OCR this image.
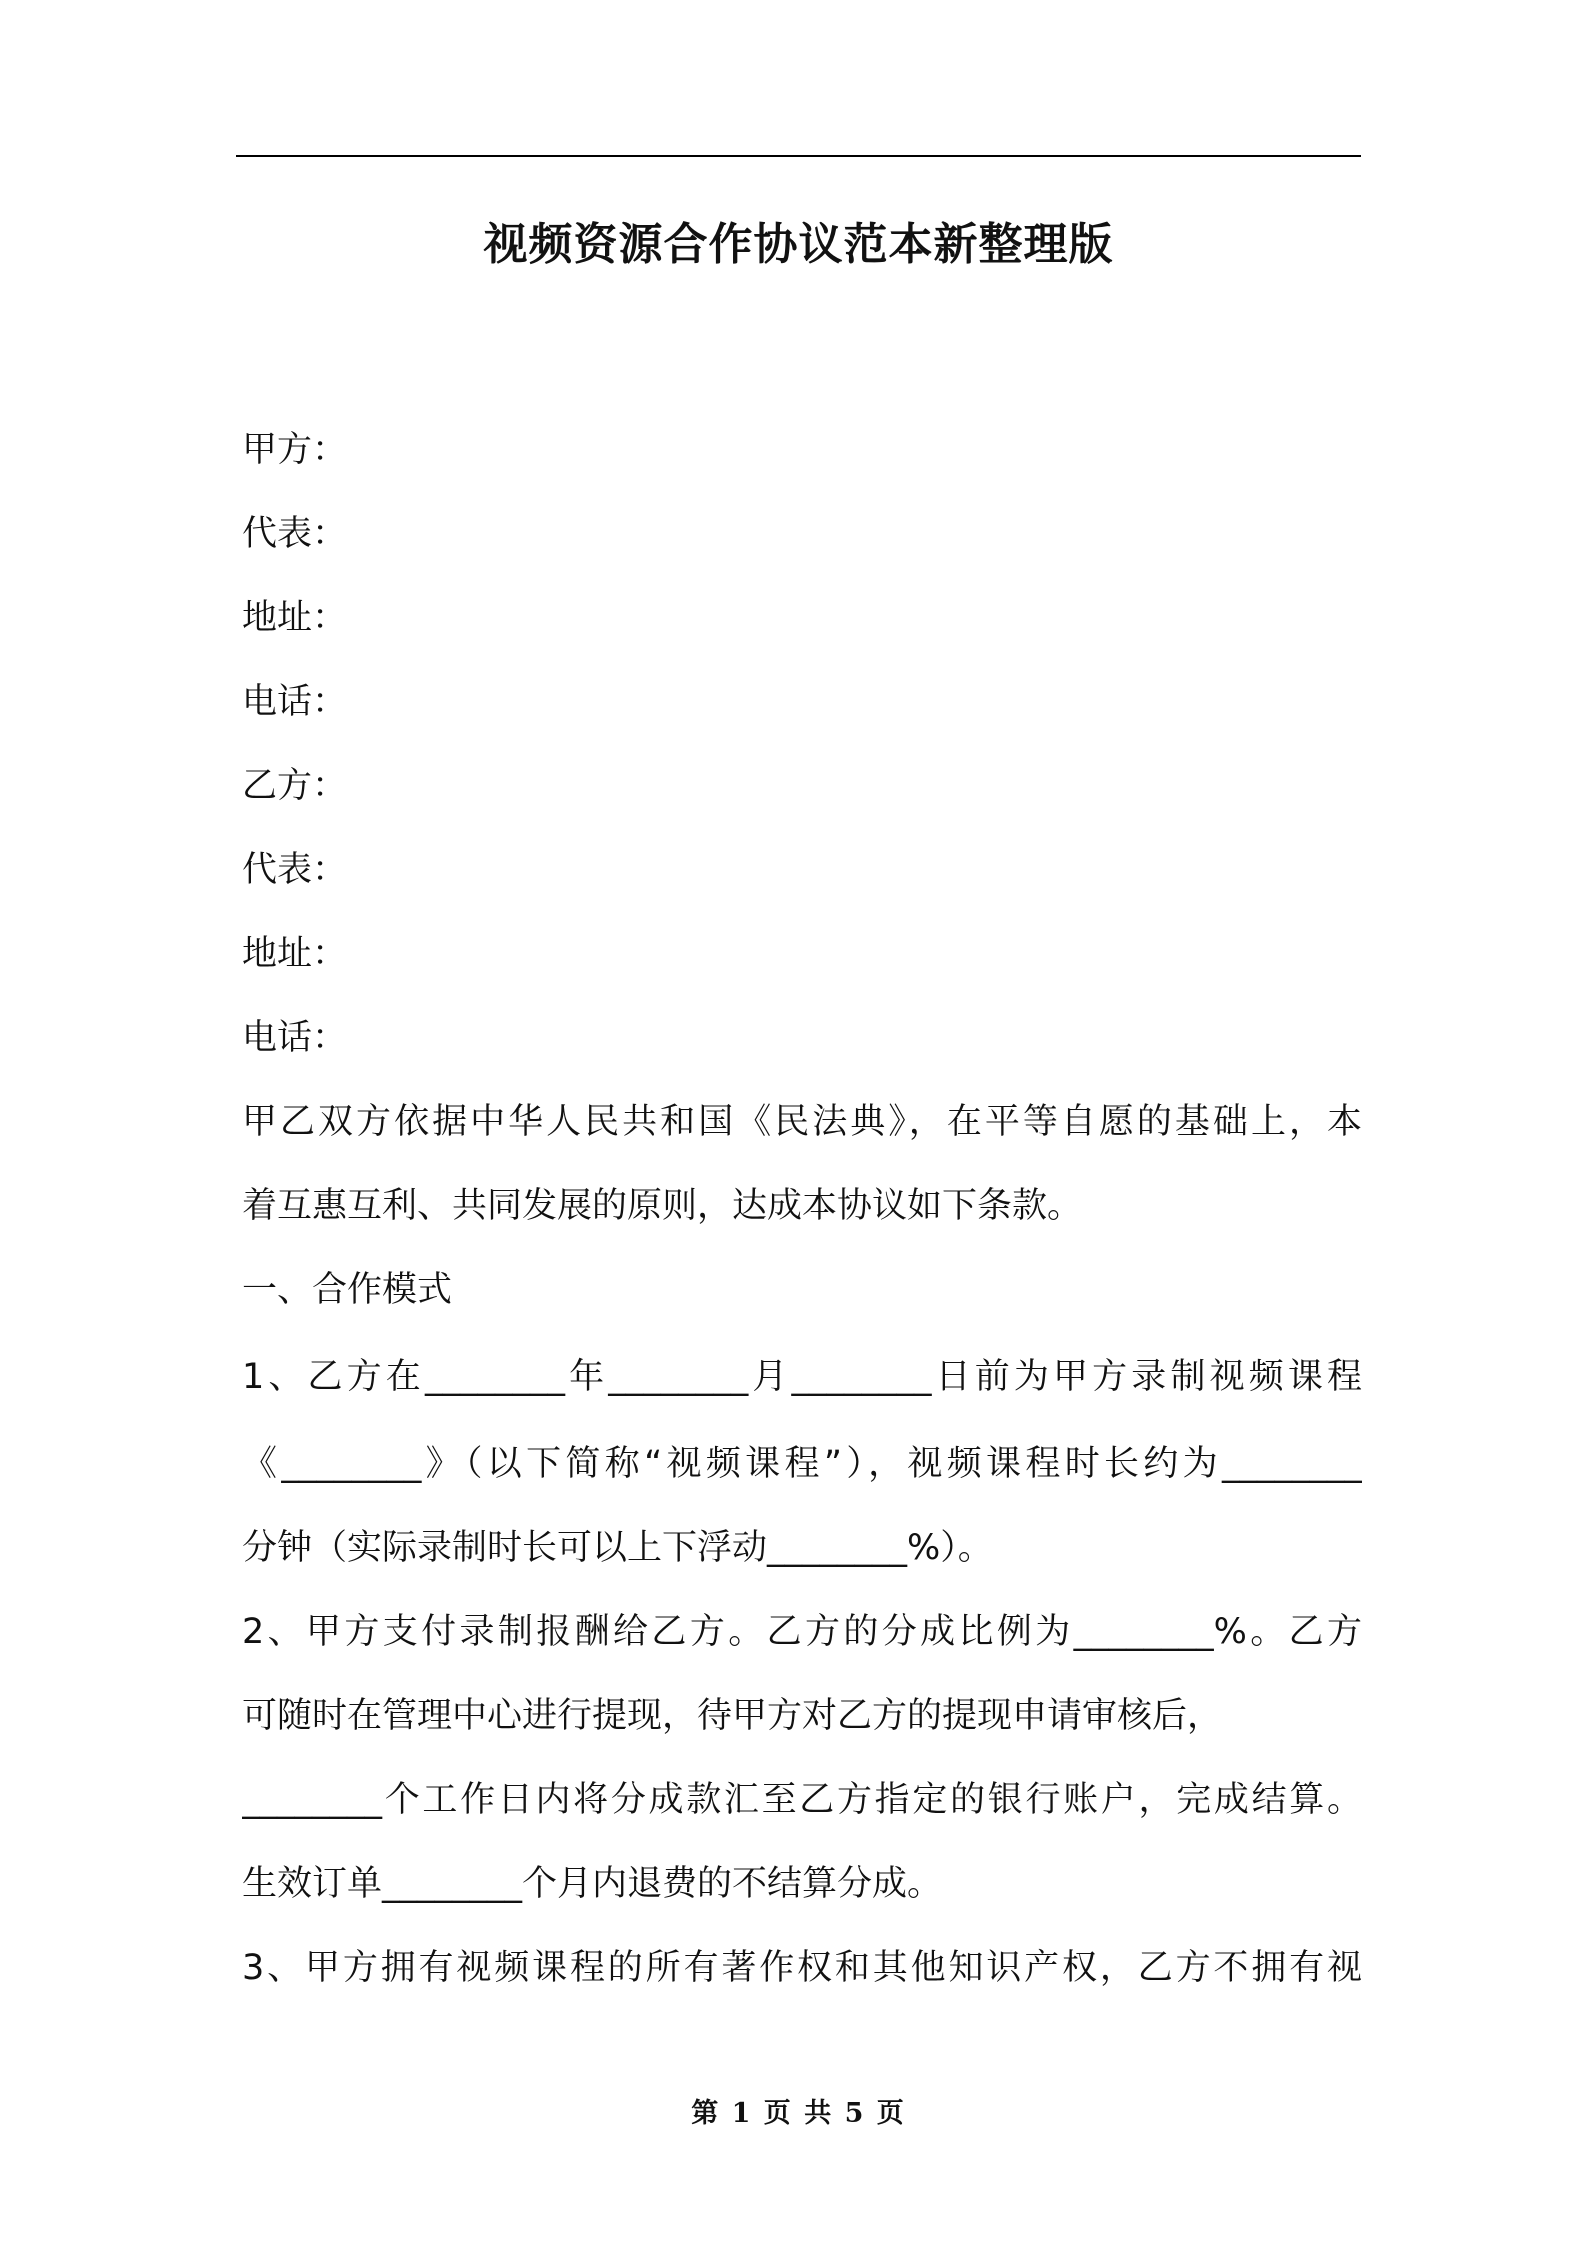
视频资源合作协议范本新整理版
甲方：
代表：
地址：
电话：
乙方：
代表：
地址：
电话：
甲乙双方依据中华人民共和国《民法典》，在平等自愿的基础上，本
着互惠互利、共同发展的原则，达成本协议如下条款。
一、合作模式
1、乙方在________年________月________日前为甲方录制视频课程
《________》（以下简称“视频课程”），视频课程时长约为________
分钟（实际录制时长可以上下浮动________%）。
2、甲方支付录制报酬给乙方。乙方的分成比例为________%。乙方
可随时在管理中心进行提现，待甲方对乙方的提现申请审核后，
________个工作日内将分成款汇至乙方指定的银行账户，完成结算。
生效订单________个月内退费的不结算分成。
3、甲方拥有视频课程的所有著作权和其他知识产权，乙方不拥有视
第 1 页 共 5 页
